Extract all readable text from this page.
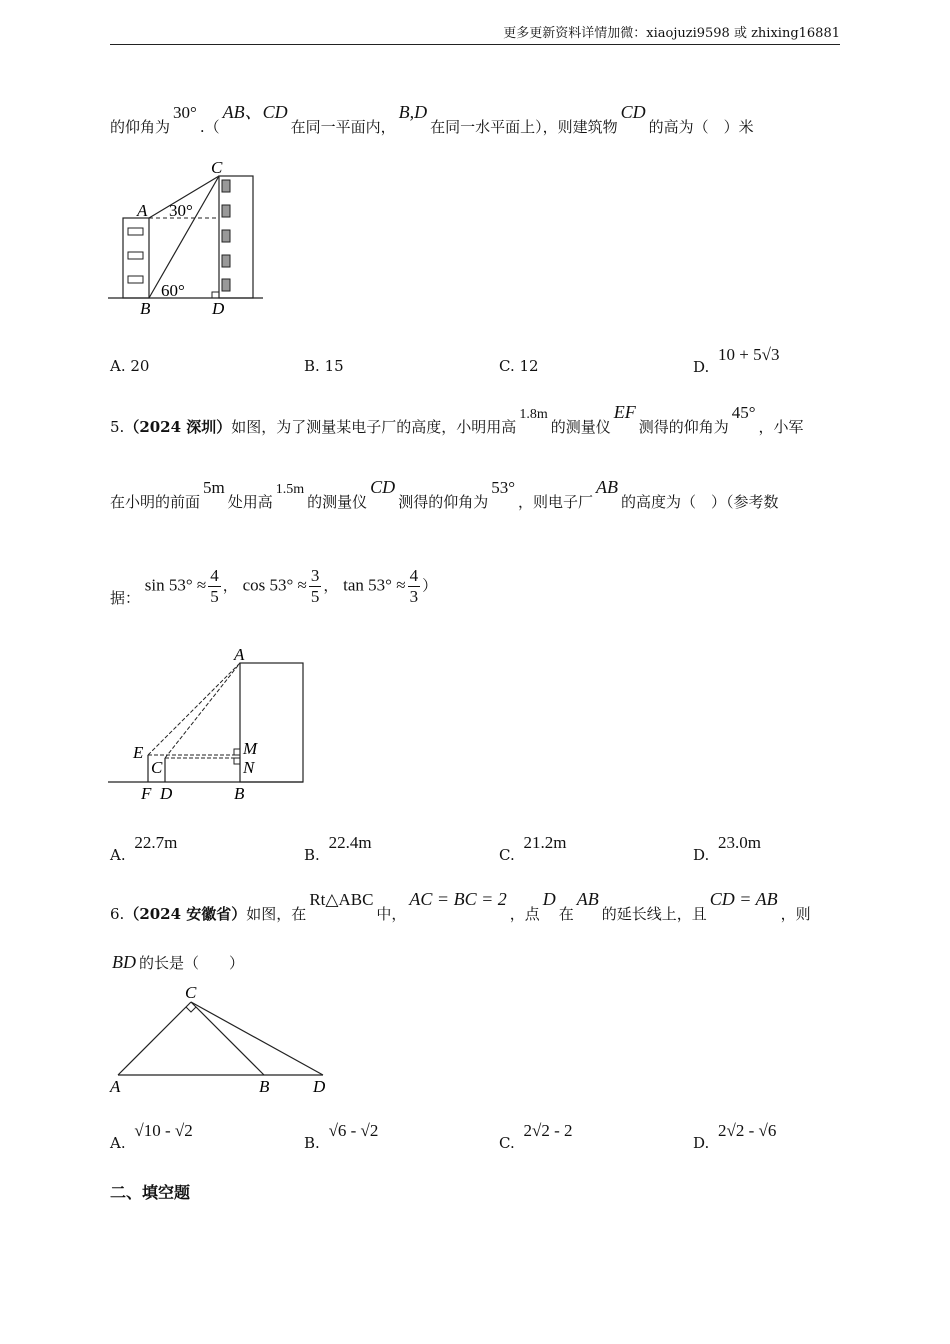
更多更新资料详情加微：xiaojuzi9598 或 zhixing16881
的仰角为30°.（AB、CD在同一平面内，B,D在同一水平面上），则建筑物CD的高为（　）米
C
A
B	D
30°
60°
A. 20	B. 15	C. 12	D. 10 + 5√3
5.（2024 深圳）如图，为了测量某电子厂的高度，小明用高1.8m的测量仪EF测得的仰角为45°，小军
在小明的前面5m处用高1.5m的测量仪CD测得的仰角为53°，则电子厂AB的高度为（　）（参考数
据： $\sin 53^\circ \approx \frac{4}{5}$ ， $\cos 53^\circ \approx \frac{3}{5}$ ， $\tan 53^\circ \approx \frac{4}{3}$ ）
A
E
C
M
N
F D	B
A. 22.7m
B. 22.4m
C. 21.2m
D. 23.0m
6.（2024 安徽省）如图，在Rt△ABC中，AC = BC = 2，点D在AB的延长线上，且CD = AB，则
BD 的长是（　　）
C
A	B	D
A. √10 - √2
B. √6 - √2
C. 2√2 - 2
D. 2√2 - √6
二、填空题
